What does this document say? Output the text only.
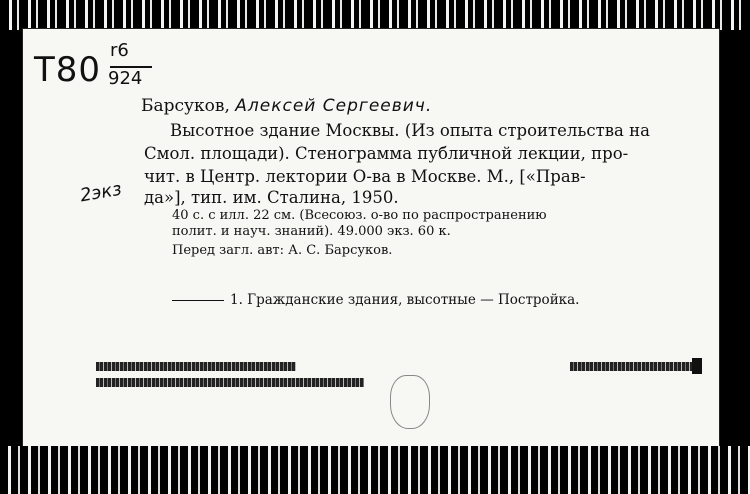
T80 r6
924
Барсуков, Алексей Сергеевич.
Высотное здание Москвы. (Из опыта строительства на
Смол. площади). Стенограмма публичной лекции, про-
чит. в Центр. лектории О-ва в Москве. М., [«Прав-
да»], тип. им. Сталина, 1950.
2экз
40 с. с илл. 22 см. (Всесоюз. о-во по распространению
полит. и науч. знаний). 49.000 экз. 60 к.
Перед загл. авт: А. С. Барсуков.
1. Гражданские здания, высотные — Постройка.
